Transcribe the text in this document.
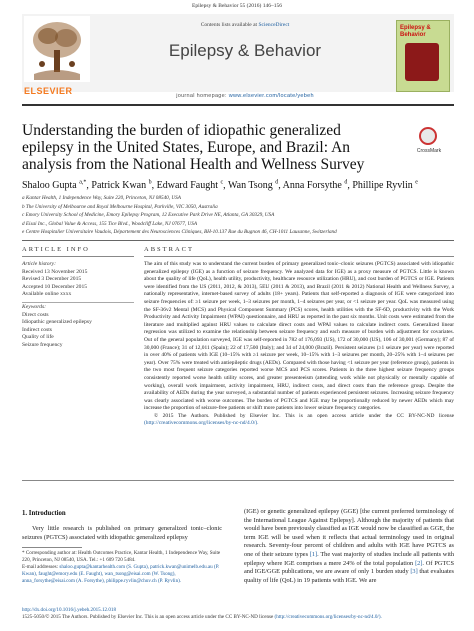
Epilepsy & Behavior 55 (2016) 146–156
ELSEVIER
Contents lists available at ScienceDirect
Epilepsy & Behavior
journal homepage: www.elsevier.com/locate/yebeh
Epilepsy & Behavior
Understanding the burden of idiopathic generalized epilepsy in the United States, Europe, and Brazil: An analysis from the National Health and Wellness Survey
CrossMark
Shaloo Gupta $^{a,*}$, Patrick Kwan $^b$, Edward Faught $^c$, Wan Tsong $^d$, Anna Forsythe $^d$, Phillipe Ryvlin $^e$
a Kantar Health, 1 Independence Way, Suite 220, Princeton, NJ 08540, USA
b The University of Melbourne and Royal Melbourne Hospital, Parkville, VIC 3050, Australia
c Emory University School of Medicine, Emory Epilepsy Program, 12 Executive Park Drive NE, Atlanta, GA 30329, USA
d Eisai Inc., Global Value & Access, 155 Tice Blvd., Woodcliff Lake, NJ 07677, USA
e Centre Hospitalier Universitaire Vaudois, Département des Neurosciences Cliniques, BH-10.137 Rue du Bugnon 46, CH-1011 Lausanne, Switzerland
ARTICLE INFO	ABSTRACT
Article history:
Received 13 November 2015
Revised 3 December 2015
Accepted 10 December 2015
Available online xxxx
Keywords:
Direct costs
Idiopathic generalized epilepsy
Indirect costs
Quality of life
Seizure frequency

The aim of this study was to understand the current burden of primary generalized tonic–clonic seizures (PGTCS) associated with idiopathic generalized epilepsy (IGE) as a function of seizure frequency. We analyzed data for IGE) as a proxy measure of PGTCS. Little is known about the quality of life (QoL), health utility, productivity, healthcare resource utilization (HRU), and cost burden of PGTCS or IGE. Patients were identified from the US (2011, 2012, & 2013), 5EU (2011 & 2013), and Brazil (2011 & 2012) National Health and Wellness Survey, a nationally representative, internet-based survey of adults (18+ years). Patients that self-reported a diagnosis of IGE were categorized into seizure frequencies of: ≥1 seizure per week, 1–3 seizures per month, 1–4 seizures per year, or <1 seizure per year. QoL was measured using the SF-36v2 Mental (MCS) and Physical Component Summary (PCS) scores, health utilities with the SF-6D, productivity with the Work Productivity and Activity Impairment (WPAI) questionnaire, and HRU as reported in the past six months. Unit costs were estimated from the literature and multiplied against HRU values to calculate direct costs and WPAI values to calculate indirect costs. Generalized linear regression was utilized to examine the relationship between seizure frequency and each measure of burden with adjustment for covariates. Out of the general population surveyed, IGE was self-reported in 782 of 176,093 (US), 172 of 30,000 (US), 106 of 30,001 (Germany); 87 of 30,000 (France); 31 of 12,011 (Spain); 22 of 17,500 (Italy); and 34 of 24,000 (Brazil). Persistent seizures (≥1 seizure per year) were reported in over 40% of patients with IGE (10–15% with ≥1 seizure per week, 10–15% with 1–3 seizures per month, 20–25% with 1–4 seizures per year). Over 75% were treated with antiepileptic drugs (AEDs). Compared with those having <1 seizure per year (reference group), patients in the two most frequent seizure categories reported worse MCS and PCS scores. Patients in the three highest seizure frequency groups consistently reported worse health utility scores, and greater presenteeism (attending work while not physically or mentally capable of working), overall work impairment, activity impairment, HRU, indirect costs, and direct costs than the reference group. Despite the availability of AEDs during the year surveyed, a substantial number of patients experienced persistent seizures. Increasing seizure frequency was clearly associated with worse outcomes. The burden of PGTCS and IGE may be proportionally reduced by newer AEDs which may increase the proportion of seizure-free patients or shift more patients into lower seizure frequency categories.

© 2015 The Authors. Published by Elsevier Inc. This is an open access article under the CC BY-NC-ND license (http://creativecommons.org/licenses/by-nc-nd/4.0/).

1. Introduction
Very little research is published on primary generalized tonic–clonic seizures (PGTCS) associated with idiopathic generalized epilepsy
* Corresponding author at: Health Outcomes Practice, Kantar Health, 1 Independence Way, Suite 220, Princeton, NJ 08540, USA. Tel.: +1 609 720 5484.
E-mail addresses: shaloo.gupta@kantarhealth.com (S. Gupta), patrick.kwan@unimelb.edu.au (P. Kwan), faught@emory.edu (E. Faught), wan_tsong@eisai.com (W. Tsong), anna_forsythe@eisai.com (A. Forsythe), philippe.ryvlin@chuv.ch (P. Ryvlin).
(IGE) or genetic generalized epilepsy (GGE) [the current preferred terminology of the International League Against Epilepsy]. Although the majority of patients that would have been previously classified as IGE would now be classified as GGE, the term IGE will be used when it reflects that actual terminology used in original research. Seventy-four percent of children and adults with IGE have PGTCS as one of their seizure types [1]. The vast majority of studies include all patients with epilepsy where IGE comprises a mere 24% of the total population [2]. Of PGTCS and IGE/GGE publications, we are aware of only 1 burden study [3] that evaluates quality of life (QoL) in 19 patients with IGE. We are
http://dx.doi.org/10.1016/j.yebeh.2015.12.018
1525-5050/© 2015 The Authors. Published by Elsevier Inc. This is an open access article under the CC BY-NC-ND license (http://creativecommons.org/licenses/by-nc-nd/4.0/).
